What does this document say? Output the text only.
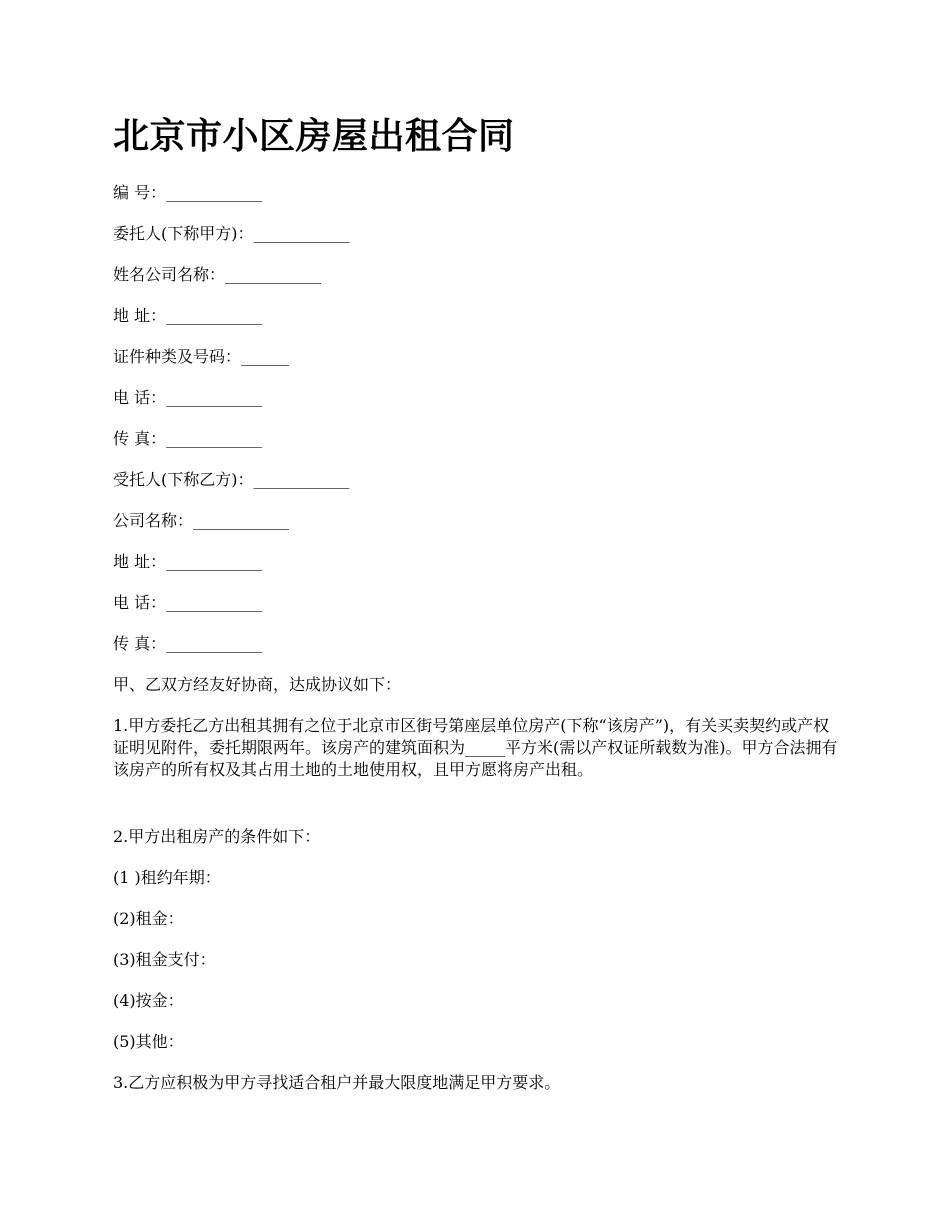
北京市小区房屋出租合同
编 号：____________
委托人(下称甲方)：____________
姓名公司名称：____________
地 址：____________
证件种类及号码：______
电 话：____________
传 真：____________
受托人(下称乙方)：____________
公司名称：____________
地 址：____________
电 话：____________
传 真：____________
甲、乙双方经友好协商，达成协议如下：
1.甲方委托乙方出租其拥有之位于北京市区街号第座层单位房产(下称“该房产”)，有关买卖契约或产权证明见附件，委托期限两年。该房产的建筑面积为_____平方米(需以产权证所载数为准)。甲方合法拥有该房产的所有权及其占用土地的土地使用权，且甲方愿将房产出租。
2.甲方出租房产的条件如下：
(1 )租约年期：
(2)租金：
(3)租金支付：
(4)按金：
(5)其他：
3.乙方应积极为甲方寻找适合租户并最大限度地满足甲方要求。
